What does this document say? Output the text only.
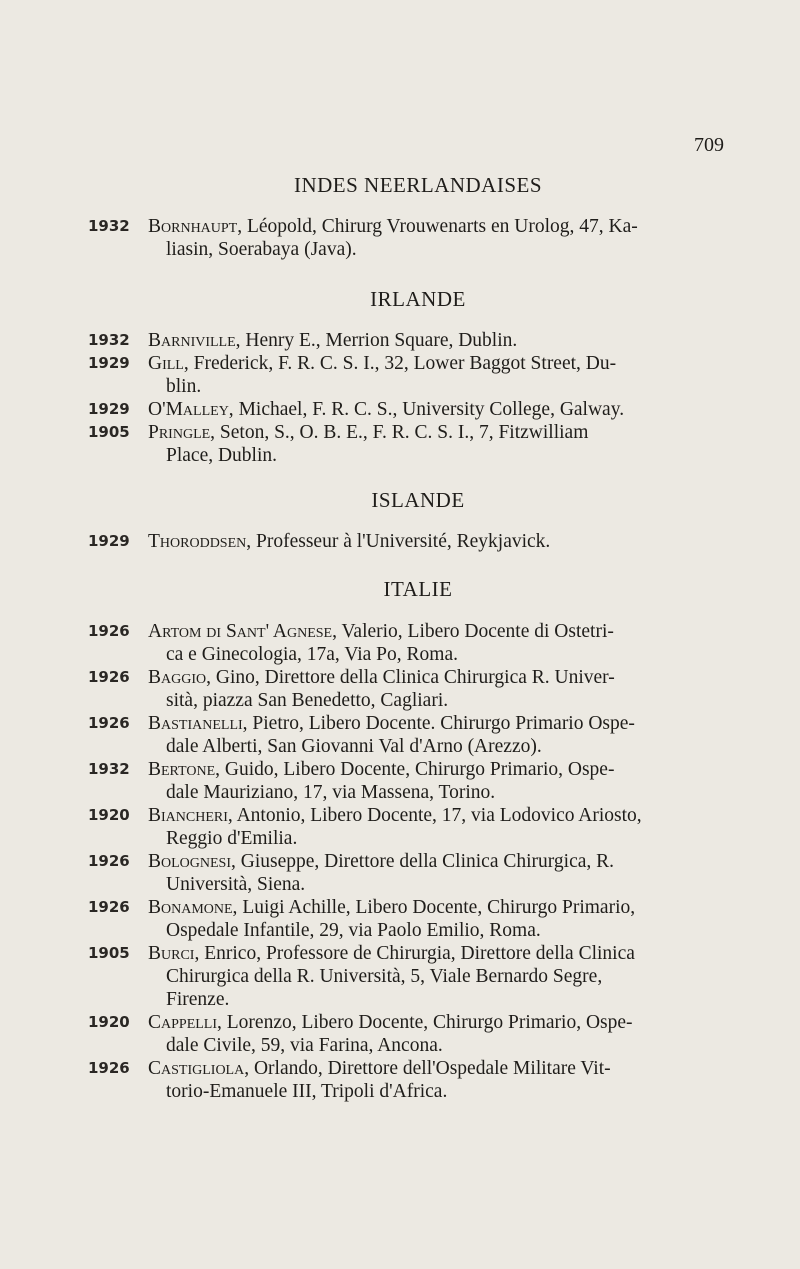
709
INDES NEERLANDAISES
1932 Bornhaupt, Léopold, Chirurg Vrouwenarts en Urolog, 47, Ka-
liasin, Soerabaya (Java).
IRLANDE
1932 Barniville, Henry E., Merrion Square, Dublin.
1929 Gill, Frederick, F. R. C. S. I., 32, Lower Baggot Street, Du-
blin.
1929 O'Malley, Michael, F. R. C. S., University College, Galway.
1905 Pringle, Seton, S., O. B. E., F. R. C. S. I., 7, Fitzwilliam
Place, Dublin.
ISLANDE
1929 Thoroddsen, Professeur à l'Université, Reykjavick.
ITALIE
1926 Artom di Sant' Agnese, Valerio, Libero Docente di Ostetri-
ca e Ginecologia, 17a, Via Po, Roma.
1926 Baggio, Gino, Direttore della Clinica Chirurgica R. Univer-
sità, piazza San Benedetto, Cagliari.
1926 Bastianelli, Pietro, Libero Docente. Chirurgo Primario Ospe-
dale Alberti, San Giovanni Val d'Arno (Arezzo).
1932 Bertone, Guido, Libero Docente, Chirurgo Primario, Ospe-
dale Mauriziano, 17, via Massena, Torino.
1920 Biancheri, Antonio, Libero Docente, 17, via Lodovico Ariosto,
Reggio d'Emilia.
1926 Bolognesi, Giuseppe, Direttore della Clinica Chirurgica, R.
Università, Siena.
1926 Bonamone, Luigi Achille, Libero Docente, Chirurgo Primario,
Ospedale Infantile, 29, via Paolo Emilio, Roma.
1905 Burci, Enrico, Professore de Chirurgia, Direttore della Clinica
Chirurgica della R. Università, 5, Viale Bernardo Segre,
Firenze.
1920 Cappelli, Lorenzo, Libero Docente, Chirurgo Primario, Ospe-
dale Civile, 59, via Farina, Ancona.
1926 Castigliola, Orlando, Direttore dell'Ospedale Militare Vit-
torio-Emanuele III, Tripoli d'Africa.
